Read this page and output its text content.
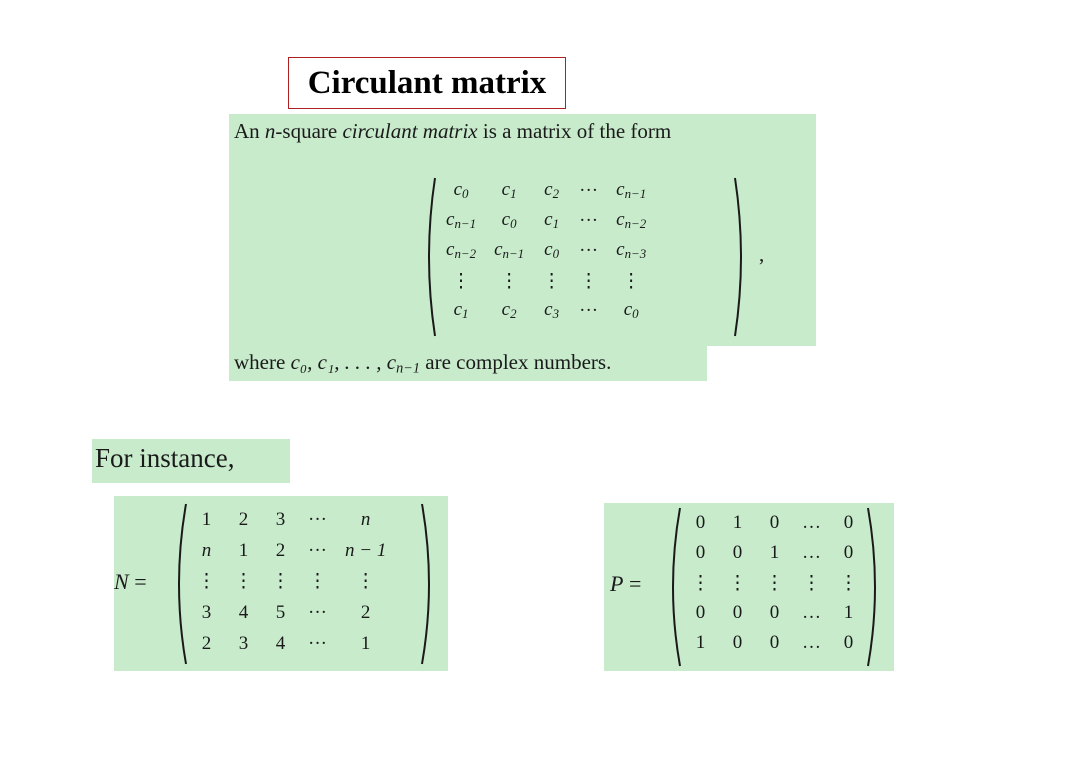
Circulant matrix
An n-square circulant matrix is a matrix of the form
$c_0$	$c_1$	$c_2$	···	$c_{n-1}$
$c_{n-1}$	$c_0$	$c_1$	···	$c_{n-2}$
$c_{n-2}$	$c_{n-1}$	$c_0$	···	$c_{n-3}$
⋮	⋮	⋮	⋮	⋮
$c_1$	$c_2$	$c_3$	···	$c_0$
,
where c₀, c₁, . . . , $c_{n-1}$ are complex numbers.
For instance,
N =
1	2	3	···	n
n	1	2	···	n − 1
⋮	⋮	⋮	⋮	⋮
3	4	5	···	2
2	3	4	···	1
P =
0	1	0	…	0
0	0	1	…	0
⋮	⋮	⋮	⋮	⋮
0	0	0	…	1
1	0	0	…	0
